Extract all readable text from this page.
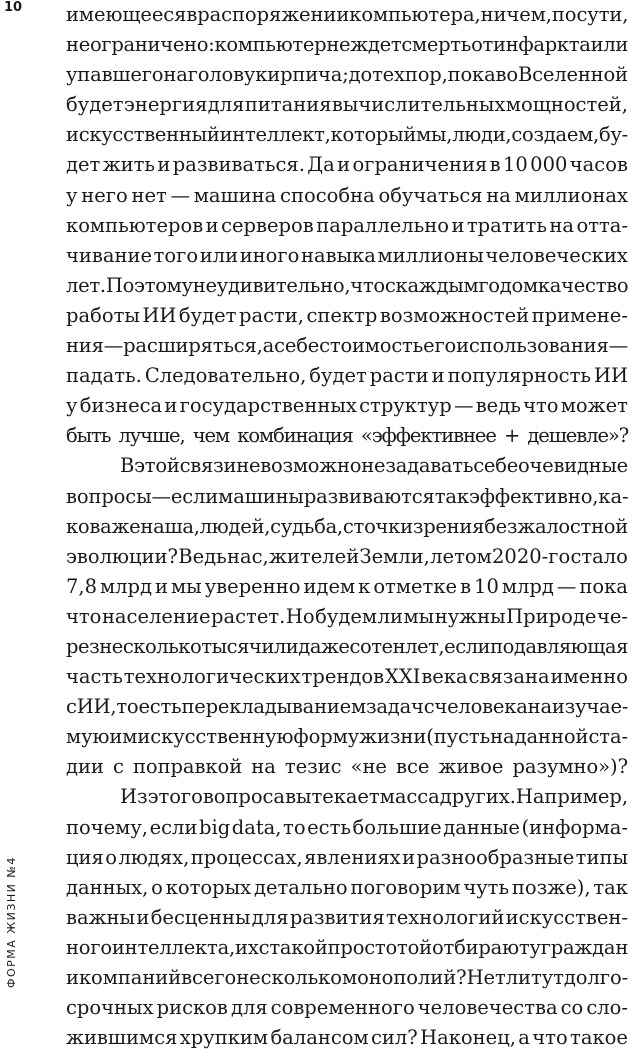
10
ФОРМА ЖИЗНИ №4
имеющееся в распоряжении компьютера, ничем, по сути,
не ограничено: компьютер не ждет смерть от инфаркта или
упавшего на голову кирпича; до тех пор, пока во Вселенной
будет энергия для питания вычислительных мощностей,
искусственный интеллект, который мы, люди, создаем, бу-
дет жить и развиваться. Да и ограничения в 10 000 часов
у него нет — машина способна обучаться на миллионах
компьютеров и серверов параллельно и тратить на отта-
чивание того или иного навыка миллионы человеческих
лет. Поэтому неудивительно, что с каждым годом качество
работы ИИ будет расти, спектр возможностей примене-
ния — расширяться, а себестоимость его использования —
падать. Следовательно, будет расти и популярность ИИ
у бизнеса и государственных структур — ведь что может
быть лучше, чем комбинация «эффективнее + дешевле»?
В этой связи невозможно не задавать себе очевидные
вопросы — если машины развиваются так эффективно, ка-
кова же наша, людей, судьба, с точки зрения безжалостной
эволюции? Ведь нас, жителей Земли, летом 2020-го стало
7,8 млрд и мы уверенно идем к отметке в 10 млрд — пока
что население растет. Но будем ли мы нужны Природе че-
рез несколько тысяч или даже сотен лет, если подавляющая
часть технологических трендов XXI века связана именно
с ИИ, то есть перекладыванием задач с человека на изучае-
мую им искусственную форму жизни (пусть на данной ста-
дии с поправкой на тезис «не все живое разумно»)?
Из этого вопроса вытекает масса других. Например,
почему, если big data, то есть большие данные (информа-
ция о людях, процессах, явлениях и разнообразные типы
данных, о которых детально поговорим чуть позже), так
важны и бесценны для развития технологий искусствен-
ного интеллекта, их с такой простотой отбирают у граждан
и компаний всего несколько монополий? Нет ли тут долго-
срочных рисков для современного человечества со сло-
жившимся хрупким балансом сил? Наконец, а что такое
